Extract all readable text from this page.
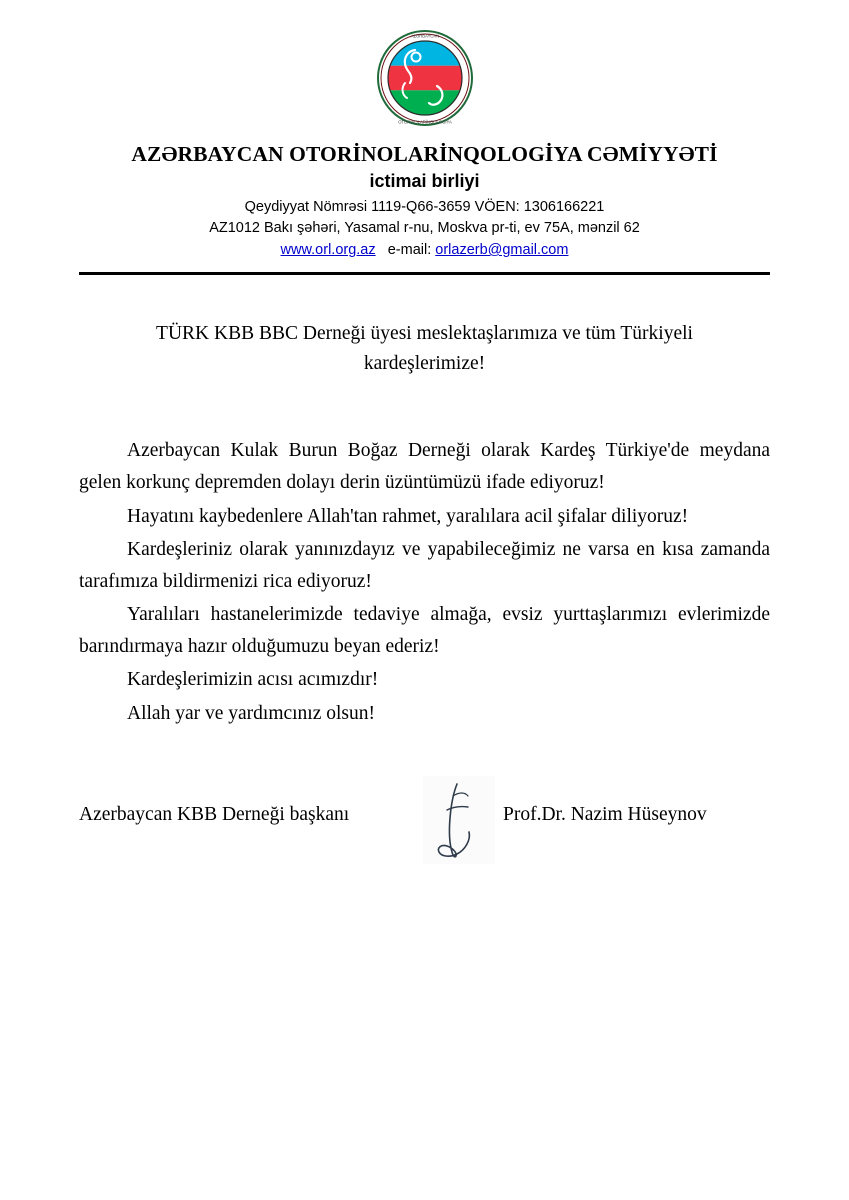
AZƏRBAYCAN
OTORİNOLARİNQOLOGİYA
AZƏRBAYCAN OTORİNOLARİNQOLOGİYA CƏMİYYƏTİ
ictimai birliyi
Qeydiyyat Nömrəsi 1119-Q66-3659 VÖEN: 1306166221
AZ1012 Bakı şəhəri, Yasamal r-nu, Moskva pr-ti, ev 75A, mənzil 62
www.orl.org.az e-mail: orlazerb@gmail.com
TÜRK KBB BBC Derneği üyesi meslektaşlarımıza ve tüm Türkiyeli kardeşlerimize!

Azerbaycan Kulak Burun Boğaz Derneği olarak Kardeş Türkiye'de meydana gelen korkunç depremden dolayı derin üzüntümüzü ifade ediyoruz!

Hayatını kaybedenlere Allah'tan rahmet, yaralılara acil şifalar diliyoruz!

Kardeşleriniz olarak yanınızdayız ve yapabileceğimiz ne varsa en kısa zamanda tarafımıza bildirmenizi rica ediyoruz!

Yaralıları hastanelerimizde tedaviye almağa, evsiz yurttaşlarımızı evlerimizde barındırmaya hazır olduğumuzu beyan ederiz!

Kardeşlerimizin acısı acımızdır!

Allah yar ve yardımcınız olsun!

Azerbaycan KBB Derneği başkanı	Prof.Dr. Nazim Hüseynov
